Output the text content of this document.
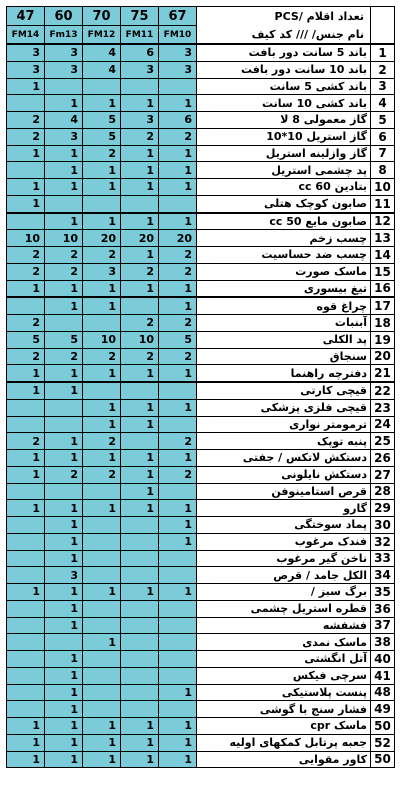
47	60	70	75	67	تعداد اقلام /PCS	
FM14	Fm13	FM12	FM11	FM10	نام جنس/ /// کد کیف	
3	3	4	6	3	باند 5 سانت دور بافت	1
3	3	4	3	3	باند 10 سانت دور بافت	2
1					باند کشی 5 سانت	3
	1	1	1	1	باند کشی 10 سانت	4
2	4	5	3	6	گاز معمولی 8 لا	5
2	3	5	2	2	گاز استریل 10*10	6
1	1	2	1	1	گاز وازلینه استریل	7
	1	1	1	1	پد چشمی استریل	8
1	1	1	1	1	بتادین 60 cc	10
1					صابون کوچک هتلی	11
	1	1	1	1	صابون مایع 50 cc	12
10	10	20	20	20	چسب زخم	13
2	2	2	1	2	چسب ضد حساسیت	14
2	2	3	2	2	ماسک صورت	15
1	1	1	1	1	تیغ بیسوری	16
	1	1		1	چراغ قوه	17
2			2	2	آبنبات	18
5	5	10	10	5	پد الکلی	19
2	2	2	2	2	سنجاق	20
1	1	1	1	1	دفترچه راهنما	21
1	1				قیچی کارتی	22
		1	1	1	قیچی فلزی پزشکی	23
		1	1		ترمومتر نواری	24
2	1	2		2	پنبه توپک	25
1	1	1	1	1	دستکش لاتکس / جفتی	26
1	2	2	1	2	دستکش نایلونی	27
			1		قرص استامینوفن	28
1	1	1	1	1	گارو	29
	1			1	پماد سوختگی	30
	1			1	فندک مرغوب	32
	1				ناخن گیر مرغوب	33
	3				الکل جامد / قرص	34
1	1	1	1	1	برگ سبز /	35
	1				قطره استریل چشمی	36
	1				فشفشه	37
		1			ماسک نمدی	38
	1				آتل انگشتی	40
	1				سرچی فیکس	41
	1			1	پنست پلاستیکی	48
	1				فشار سنج با گوشی	49
1	1	1	1	1	ماسک cpr	50
1	1	1	1	1	جعبه پرتابل کمکهای اولیه	52
1	1	1	1	1	کاور مقوایی	50
